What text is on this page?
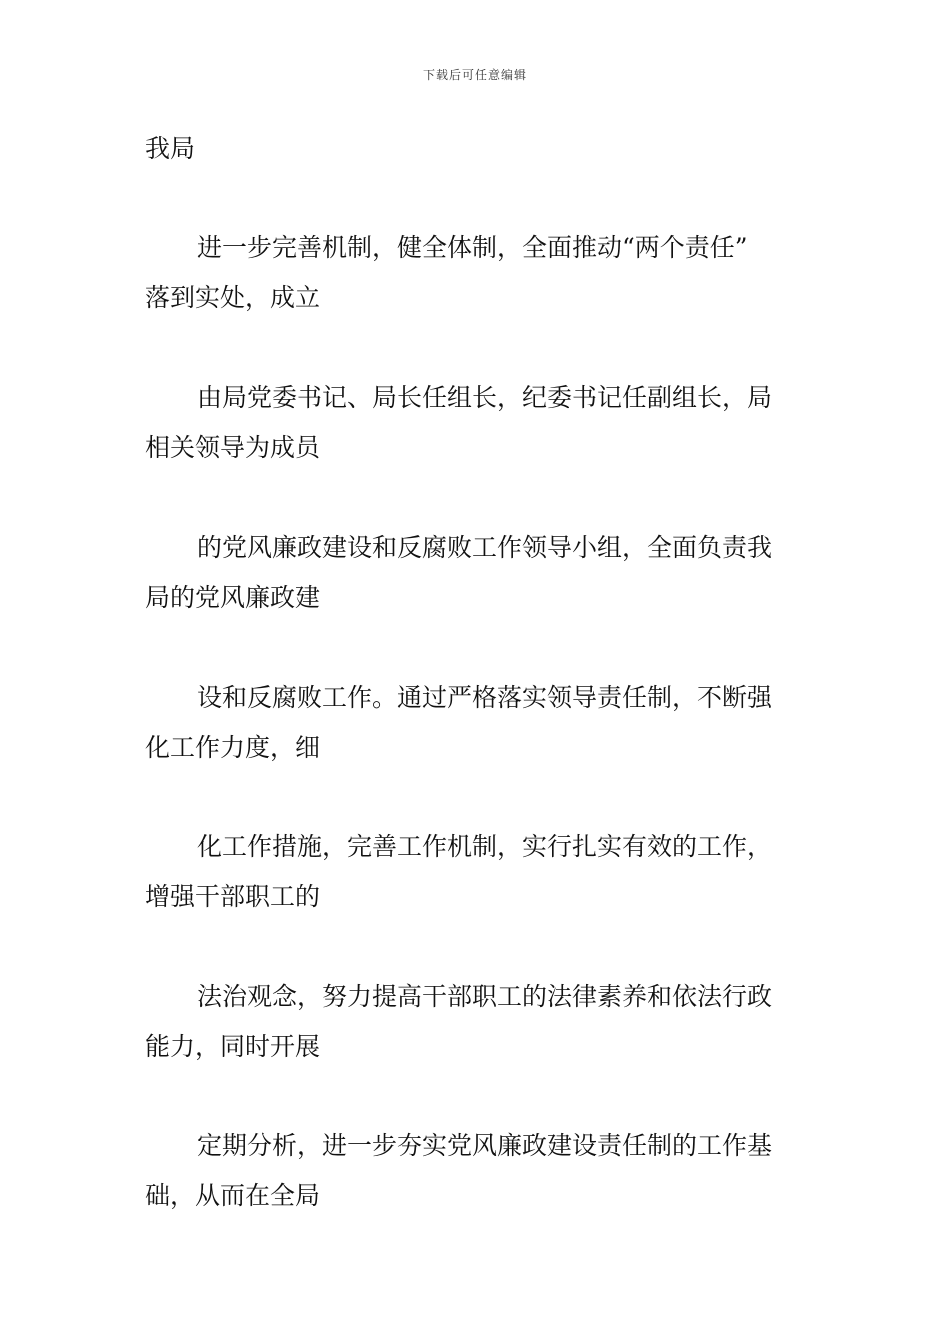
下载后可任意编辑
我局
进一步完善机制，健全体制，全面推动“两个责任”
落到实处，成立
由局党委书记、局长任组长，纪委书记任副组长，局
相关领导为成员
的党风廉政建设和反腐败工作领导小组，全面负责我
局的党风廉政建
设和反腐败工作。通过严格落实领导责任制，不断强
化工作力度，细
化工作措施，完善工作机制，实行扎实有效的工作，
增强干部职工的
法治观念，努力提高干部职工的法律素养和依法行政
能力，同时开展
定期分析，进一步夯实党风廉政建设责任制的工作基
础，从而在全局
